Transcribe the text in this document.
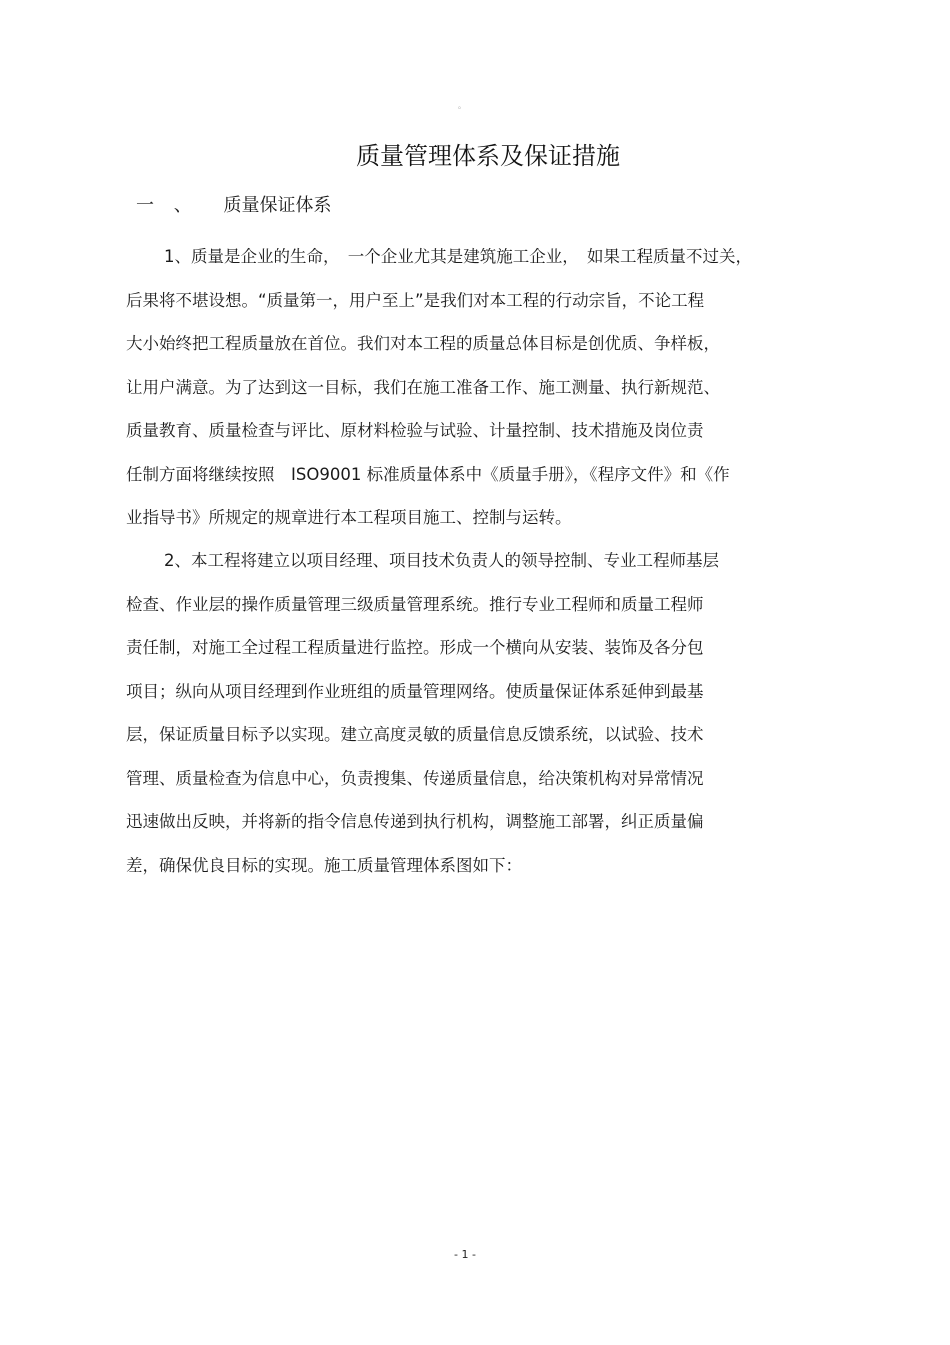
。
质量管理体系及保证措施
一 、 质量保证体系
1、质量是企业的生命，　一个企业尤其是建筑施工企业，　如果工程质量不过关，
后果将不堪设想。“质量第一，用户至上”是我们对本工程的行动宗旨，不论工程
大小始终把工程质量放在首位。我们对本工程的质量总体目标是创优质、争样板，
让用户满意。为了达到这一目标，我们在施工准备工作、施工测量、执行新规范、
质量教育、质量检查与评比、原材料检验与试验、计量控制、技术措施及岗位责
任制方面将继续按照　ISO9001 标准质量体系中《质量手册》，《程序文件》和《作
业指导书》所规定的规章进行本工程项目施工、控制与运转。
2、本工程将建立以项目经理、项目技术负责人的领导控制、专业工程师基层
检查、作业层的操作质量管理三级质量管理系统。推行专业工程师和质量工程师
责任制，对施工全过程工程质量进行监控。形成一个横向从安装、装饰及各分包
项目；纵向从项目经理到作业班组的质量管理网络。使质量保证体系延伸到最基
层，保证质量目标予以实现。建立高度灵敏的质量信息反馈系统，以试验、技术
管理、质量检查为信息中心，负责搜集、传递质量信息，给决策机构对异常情况
迅速做出反映，并将新的指令信息传递到执行机构，调整施工部署，纠正质量偏
差，确保优良目标的实现。施工质量管理体系图如下：
- 1 -
